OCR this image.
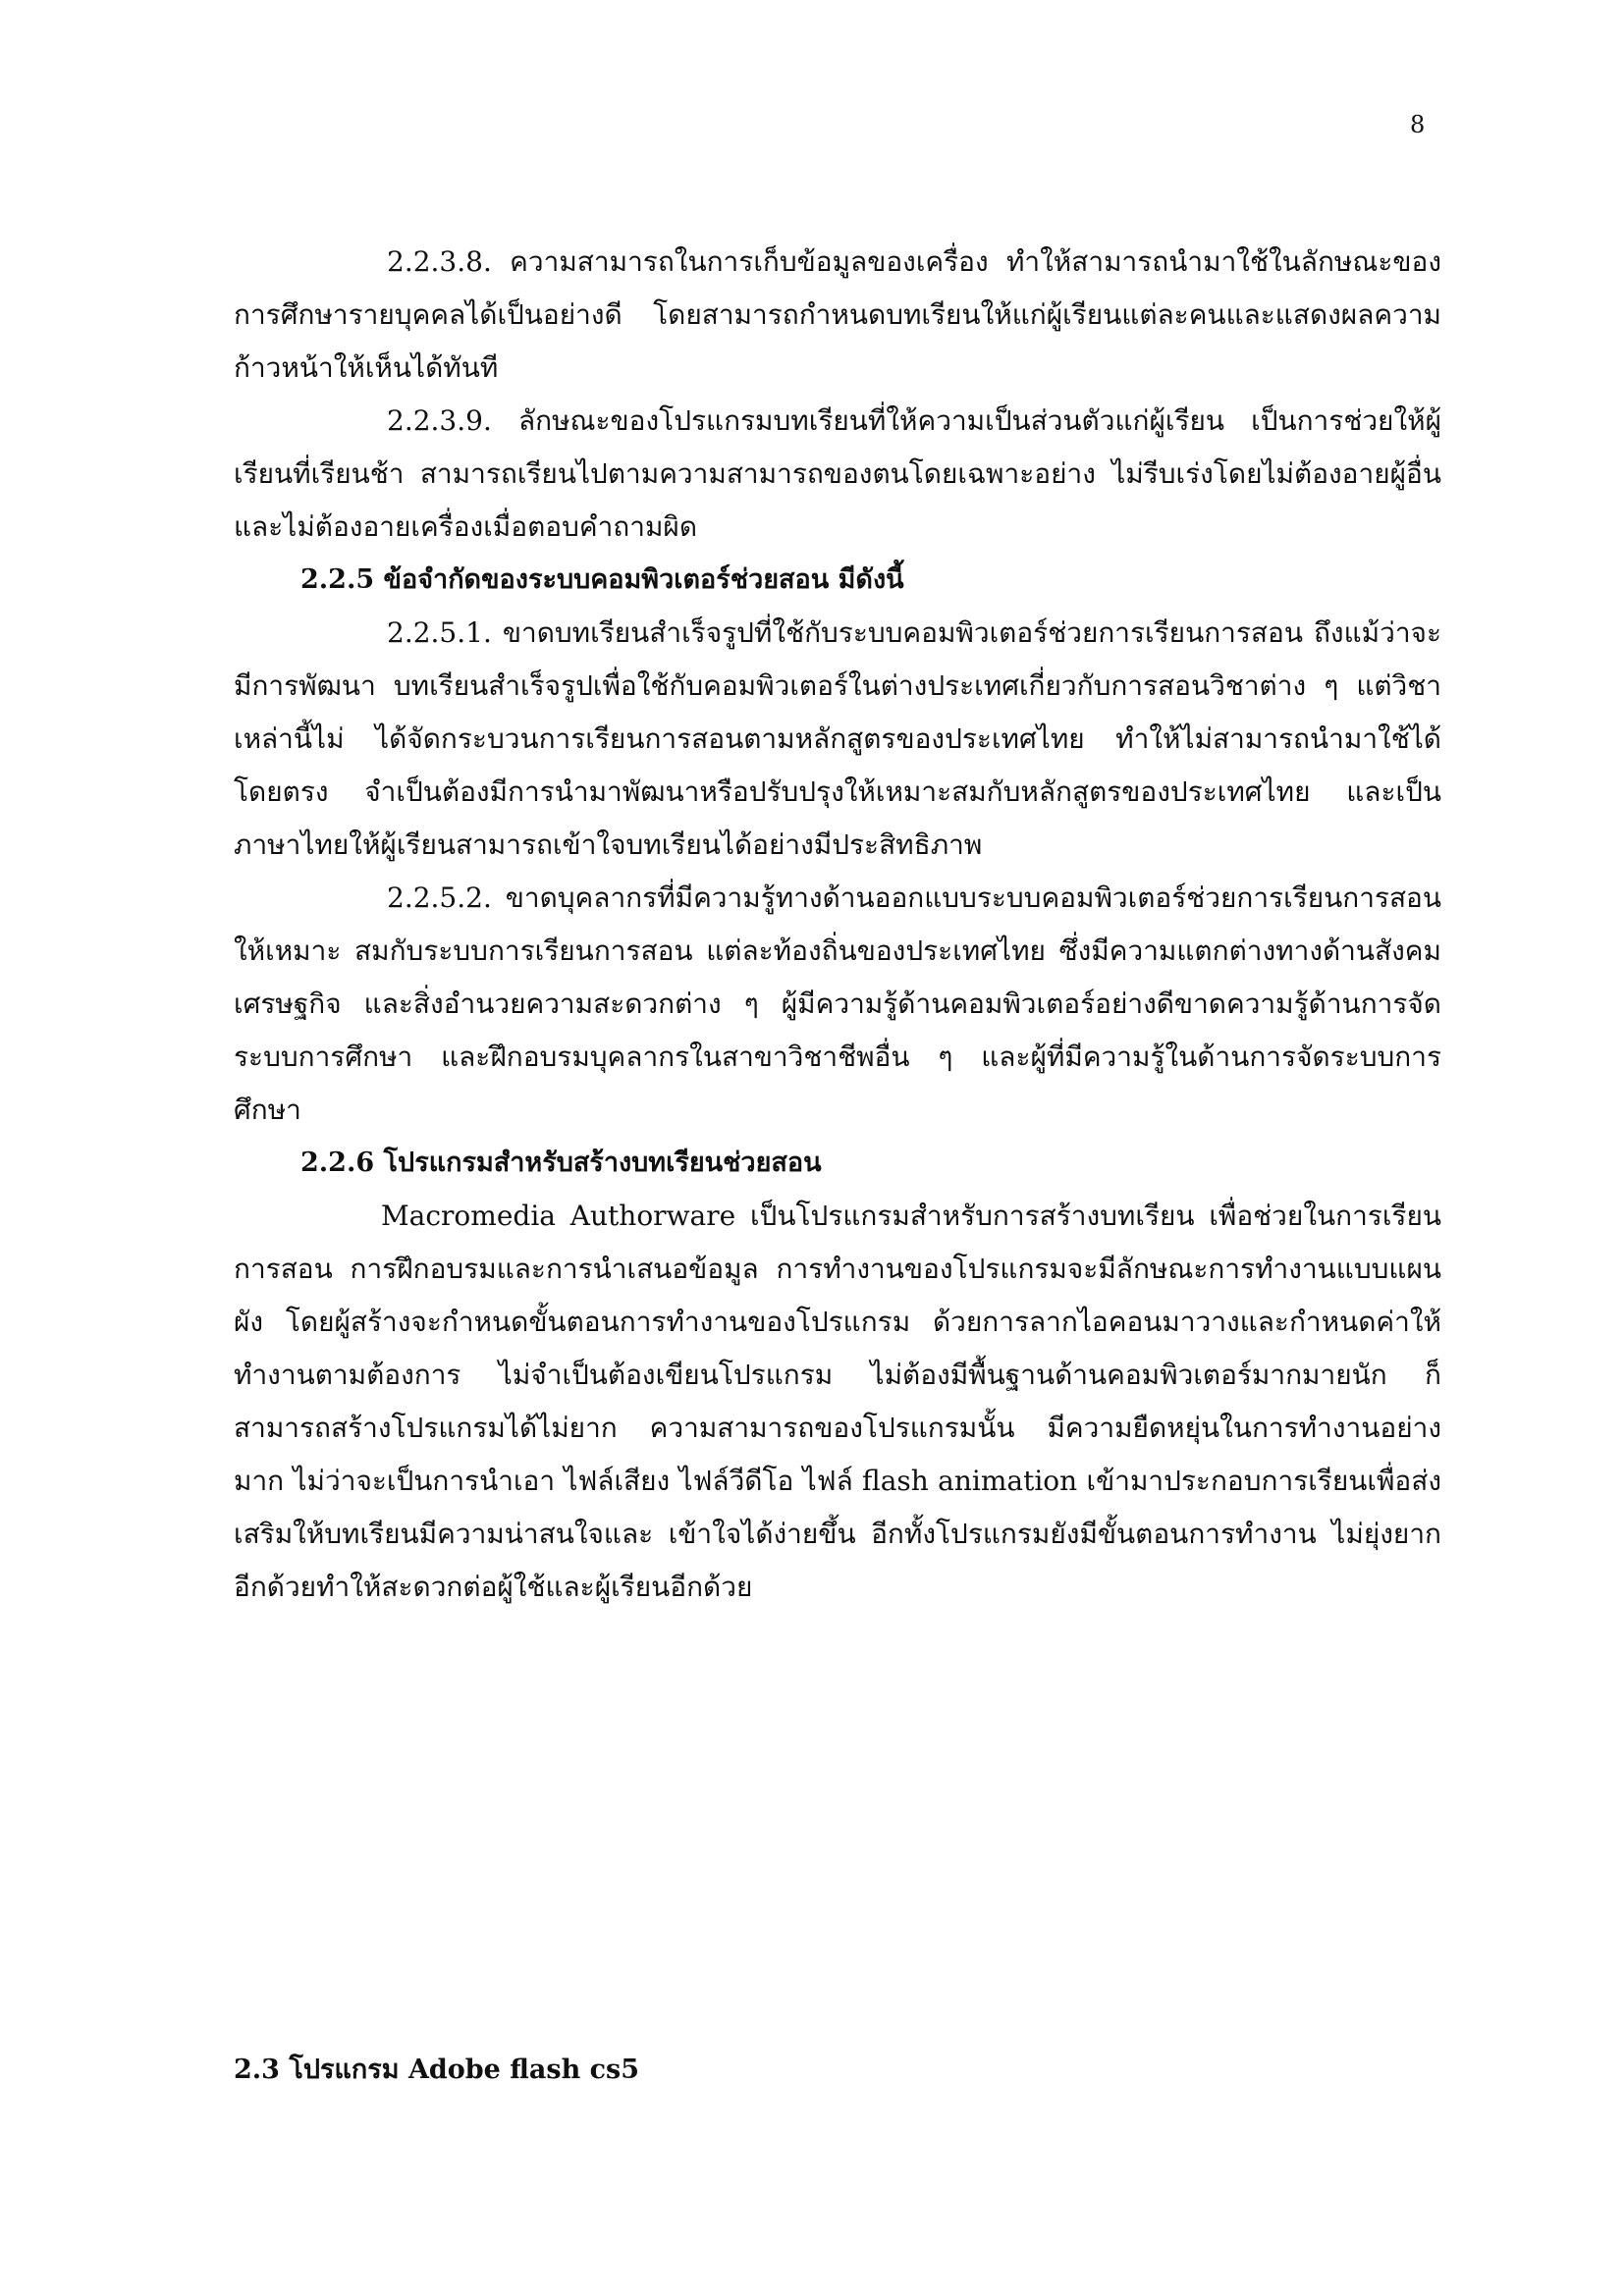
8

2.2.3.8. ความสามารถในการเก็บข้อมูลของเครื่อง ทำให้สามารถนำมาใช้ในลักษณะของการศึกษารายบุคคลได้เป็นอย่างดี โดยสามารถกำหนดบทเรียนให้แก่ผู้เรียนแต่ละคนและแสดงผลความก้าวหน้าให้เห็นได้ทันที

2.2.3.9. ลักษณะของโปรแกรมบทเรียนที่ให้ความเป็นส่วนตัวแก่ผู้เรียน เป็นการช่วยให้ผู้เรียนที่เรียนช้า สามารถเรียนไปตามความสามารถของตนโดยเฉพาะอย่าง ไม่รีบเร่งโดยไม่ต้องอายผู้อื่น และไม่ต้องอายเครื่องเมื่อตอบคำถามผิด

2.2.5 ข้อจำกัดของระบบคอมพิวเตอร์ช่วยสอน มีดังนี้

2.2.5.1. ขาดบทเรียนสำเร็จรูปที่ใช้กับระบบคอมพิวเตอร์ช่วยการเรียนการสอน ถึงแม้ว่าจะมีการพัฒนา บทเรียนสำเร็จรูปเพื่อใช้กับคอมพิวเตอร์ในต่างประเทศเกี่ยวกับการสอนวิชาต่าง ๆ แต่วิชาเหล่านี้ไม่ ได้จัดกระบวนการเรียนการสอนตามหลักสูตรของประเทศไทย ทำให้ไม่สามารถนำมาใช้ได้โดยตรง จำเป็นต้องมีการนำมาพัฒนาหรือปรับปรุงให้เหมาะสมกับหลักสูตรของประเทศไทย และเป็นภาษาไทยให้ผู้เรียนสามารถเข้าใจบทเรียนได้อย่างมีประสิทธิภาพ

2.2.5.2. ขาดบุคลากรที่มีความรู้ทางด้านออกแบบระบบคอมพิวเตอร์ช่วยการเรียนการสอนให้เหมาะ สมกับระบบการเรียนการสอน แต่ละท้องถิ่นของประเทศไทย ซึ่งมีความแตกต่างทางด้านสังคมเศรษฐกิจ และสิ่งอำนวยความสะดวกต่าง ๆ ผู้มีความรู้ด้านคอมพิวเตอร์อย่างดีขาดความรู้ด้านการจัดระบบการศึกษา และฝึกอบรมบุคลากรในสาขาวิชาชีพอื่น ๆ และผู้ที่มีความรู้ในด้านการจัดระบบการศึกษา

2.2.6 โปรแกรมสำหรับสร้างบทเรียนช่วยสอน

Macromedia Authorware เป็นโปรแกรมสำหรับการสร้างบทเรียน เพื่อช่วยในการเรียนการสอน การฝึกอบรมและการนำเสนอข้อมูล การทำงานของโปรแกรมจะมีลักษณะการทำงานแบบแผนผัง โดยผู้สร้างจะกำหนดขั้นตอนการทำงานของโปรแกรม ด้วยการลากไอคอนมาวางและกำหนดค่าให้ทำงานตามต้องการ ไม่จำเป็นต้องเขียนโปรแกรม ไม่ต้องมีพื้นฐานด้านคอมพิวเตอร์มากมายนัก ก็สามารถสร้างโปรแกรมได้ไม่ยาก ความสามารถของโปรแกรมนั้น มีความยืดหยุ่นในการทำงานอย่างมาก ไม่ว่าจะเป็นการนำเอา ไฟล์เสียง ไฟล์วีดีโอ ไฟล์ flash animation เข้ามาประกอบการเรียนเพื่อส่งเสริมให้บทเรียนมีความน่าสนใจและ เข้าใจได้ง่ายขึ้น อีกทั้งโปรแกรมยังมีขั้นตอนการทำงาน ไม่ยุ่งยากอีกด้วยทำให้สะดวกต่อผู้ใช้และผู้เรียนอีกด้วย

2.3 โปรแกรม Adobe flash cs5
